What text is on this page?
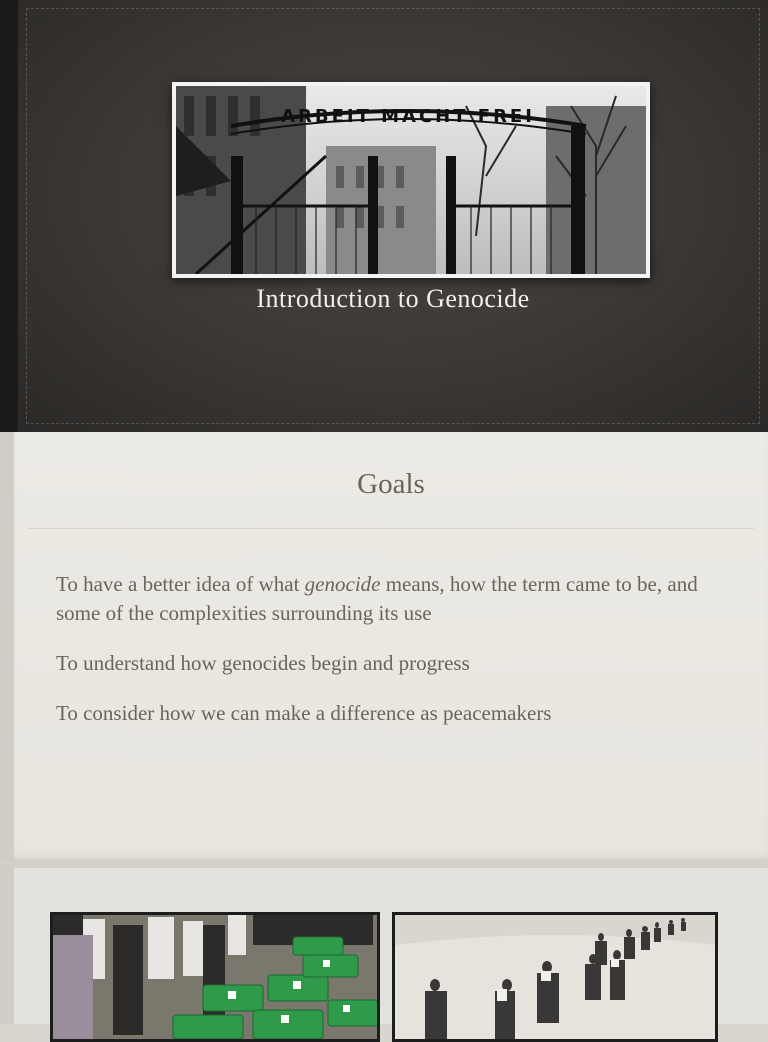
ARBEIT MACHT FREI
Introduction to Genocide
Goals
To have a better idea of what genocide means, how the term came to be, and some of the complexities surrounding its use
To understand how genocides begin and progress
To consider how we can make a difference as peacemakers
